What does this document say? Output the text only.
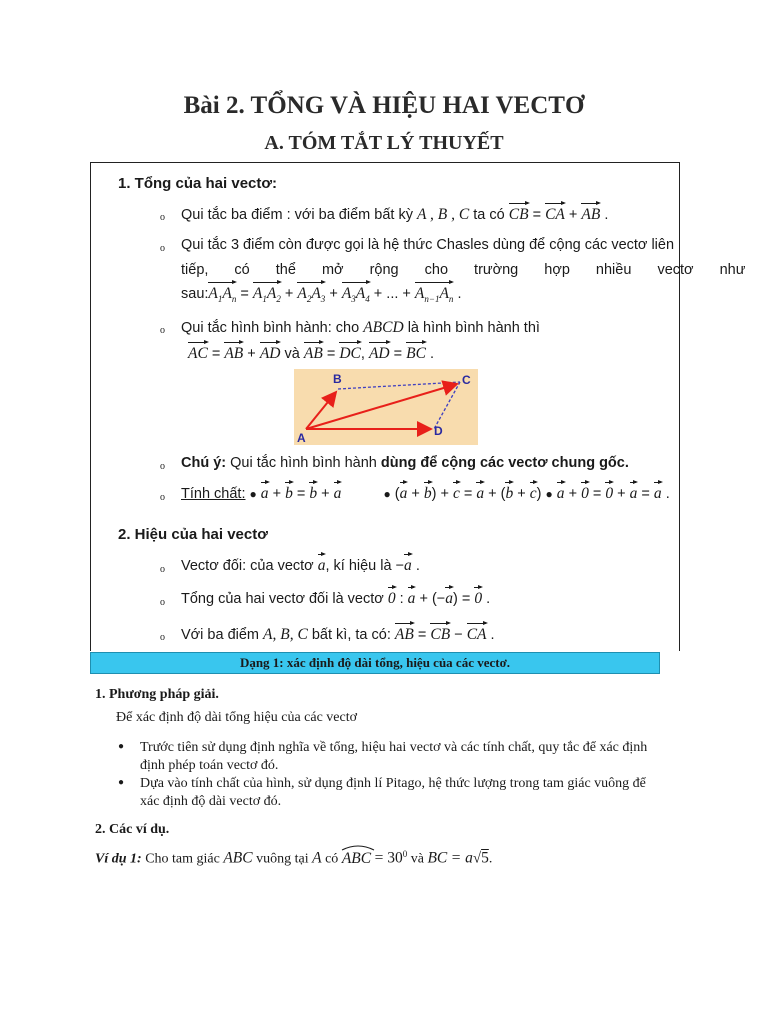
Bài 2. TỔNG VÀ HIỆU HAI VECTƠ
A. TÓM TẮT LÝ THUYẾT
1. Tổng của hai vectơ:
o Qui tắc ba điểm : với ba điểm bất kỳ A , B , C ta có CB = CA + AB .
o Qui tắc 3 điểm còn được gọi là hệ thức Chasles dùng để cộng các vectơ liên
tiếp, có thể mở rộng cho trường hợp nhiều vectơ như
$sau:A_1A_n = A_1A_2 + A_2A_3 + A_3A_4$ + ... + $A_{n-1}A_n$ .
o Qui tắc hình bình hành: cho ABCD là hình bình hành thì
AC = AB + AD và AB = DC, AD = BC .
A
B	C
D
o Chú ý: Qui tắc hình bình hành dùng để cộng các vectơ chung gốc.
o Tính chất: ● a + b = b + a	● (a + b) + c = a + (b + c) ● a + 0 = 0 + a = a .
2. Hiệu của hai vectơ
o Vectơ đối: của vectơ a, kí hiệu là −a .
o Tổng của hai vectơ đối là vectơ 0 : a + (−a) = 0 .
o Với ba điểm A, B, C bất kì, ta có: AB = CB − CA .
Dạng 1: xác định độ dài tổng, hiệu của các vectơ.
1. Phương pháp giải.
Để xác định độ dài tổng hiệu của các vectơ
● Trước tiên sử dụng định nghĩa về tổng, hiệu hai vectơ và các tính chất, quy tắc để xác định
định phép toán vectơ đó.
● Dựa vào tính chất của hình, sử dụng định lí Pitago, hệ thức lượng trong tam giác vuông để
xác định độ dài vectơ đó.
2. Các ví dụ.
Ví dụ 1: Cho tam giác ABC vuông tại A có ABC = $30^0$ và BC = a√5.
